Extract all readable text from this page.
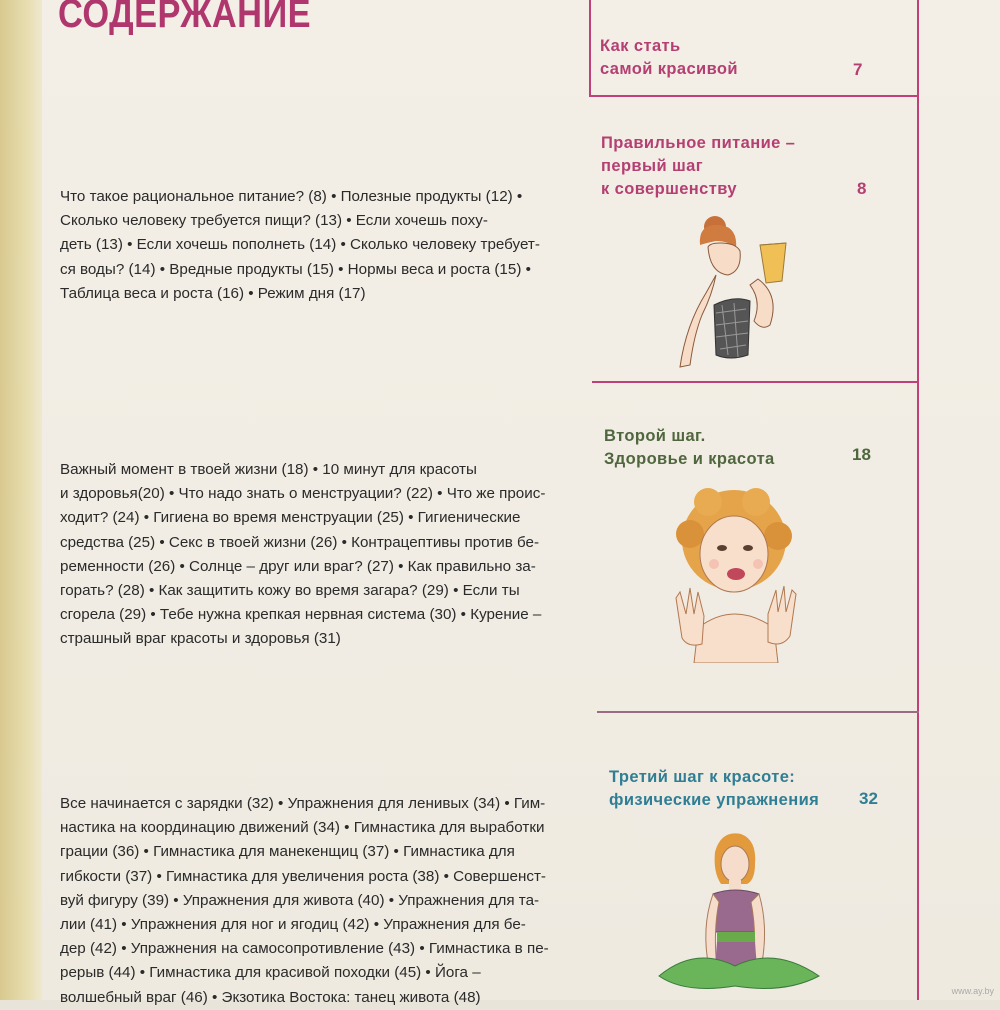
СОДЕРЖАНИЕ
Как стать
самой красивой	7
Правильное питание –
первый шаг
к совершенству	8
Второй шаг.
Здоровье и красота	18
Третий шаг к красоте:
физические упражнения 32
Что такое рациональное питание? (8) • Полезные продукты (12) •
Сколько человеку требуется пищи? (13) • Если хочешь поху-
деть (13) • Если хочешь пополнеть (14) • Сколько человеку требует-
ся воды? (14) • Вредные продукты (15) • Нормы веса и роста (15) •
Таблица веса и роста (16) • Режим дня (17)
Важный момент в твоей жизни (18) • 10 минут для красоты
и здоровья(20) • Что надо знать о менструации? (22) • Что же проис-
ходит? (24) • Гигиена во время менструации (25) • Гигиенические
средства (25) • Секс в твоей жизни (26) • Контрацептивы против бе-
ременности (26) • Солнце – друг или враг? (27) • Как правильно за-
горать? (28) • Как защитить кожу во время загара? (29) • Если ты
сгорела (29) • Тебе нужна крепкая нервная система (30) • Курение –
страшный враг красоты и здоровья (31)
Все начинается с зарядки (32) • Упражнения для ленивых (34) • Гим-
настика на координацию движений (34) • Гимнастика для выработки
грации (36) • Гимнастика для манекенщиц (37) • Гимнастика для
гибкости (37) • Гимнастика для увеличения роста (38) • Совершенст-
вуй фигуру (39) • Упражнения для живота (40) • Упражнения для та-
лии (41) • Упражнения для ног и ягодиц (42) • Упражнения для бе-
дер (42) • Упражнения на самосопротивление (43) • Гимнастика в пе-
рерыв (44) • Гимнастика для красивой походки (45) • Йога –
волшебный враг (46) • Экзотика Востока: танец живота (48)	www.ay.by
